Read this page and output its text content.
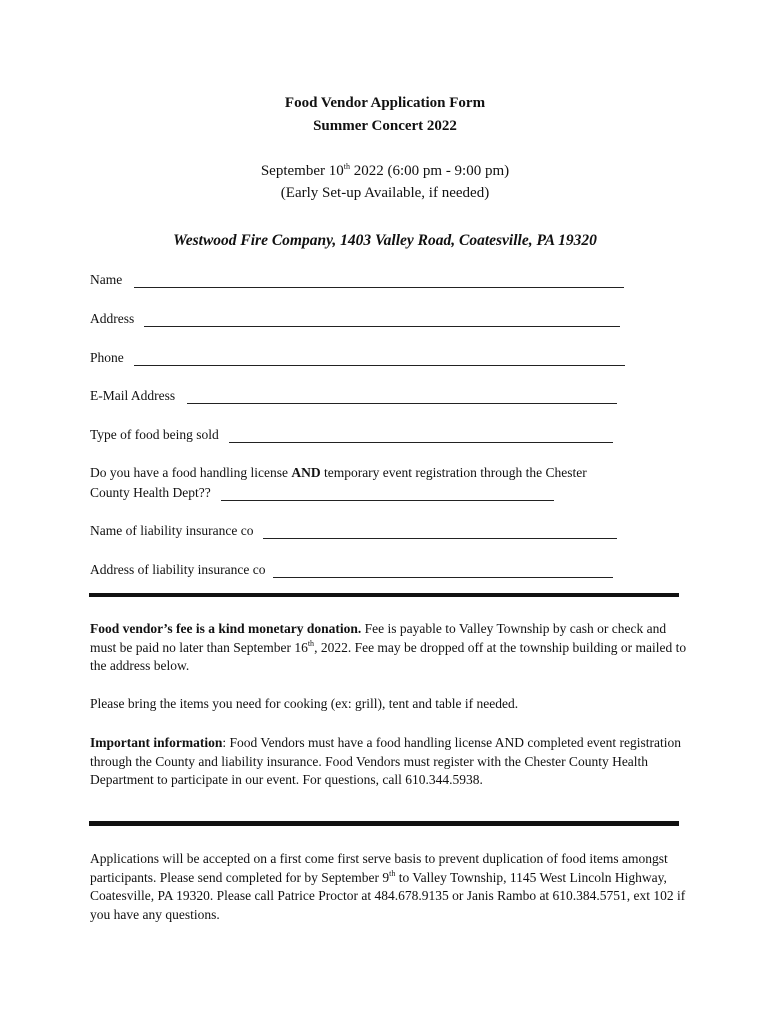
Food Vendor Application Form
Summer Concert 2022
September 10th 2022 (6:00 pm - 9:00 pm)
(Early Set-up Available, if needed)
Westwood Fire Company, 1403 Valley Road, Coatesville, PA 19320
Name
Address
Phone
E-Mail Address
Type of food being sold
Do you have a food handling license AND temporary event registration through the Chester
County Health Dept??
Name of liability insurance co
Address of liability insurance co
Food vendor’s fee is a kind monetary donation. Fee is payable to Valley Township by cash or check and must be paid no later than September 16th, 2022. Fee may be dropped off at the township building or mailed to the address below.
Please bring the items you need for cooking (ex: grill), tent and table if needed.
Important information: Food Vendors must have a food handling license AND completed event registration through the County and liability insurance. Food Vendors must register with the Chester County Health Department to participate in our event. For questions, call 610.344.5938.
Applications will be accepted on a first come first serve basis to prevent duplication of food items amongst participants. Please send completed for by September 9th to Valley Township, 1145 West Lincoln Highway, Coatesville, PA 19320. Please call Patrice Proctor at 484.678.9135 or Janis Rambo at 610.384.5751, ext 102 if you have any questions.
